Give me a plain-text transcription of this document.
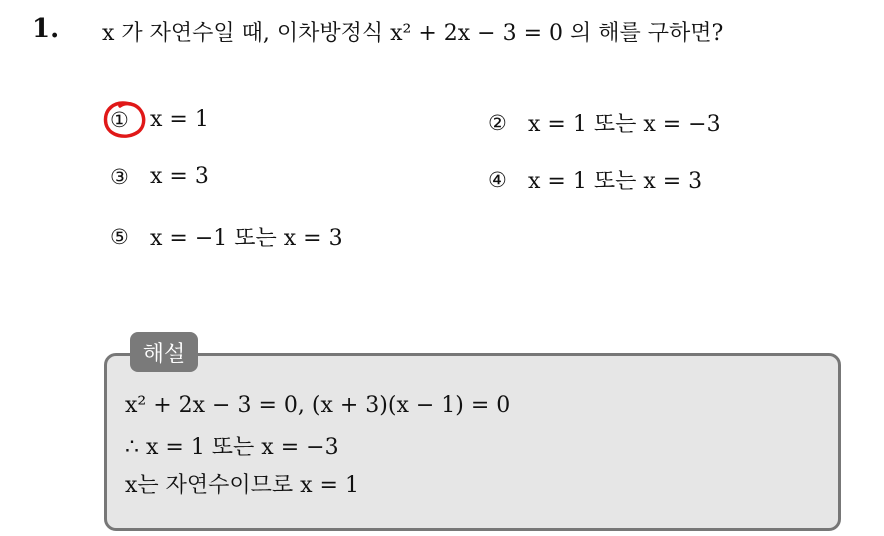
1. x 가 자연수일 때, 이차방정식 x² + 2x − 3 = 0 의 해를 구하면?
① x = 1	② x = 1 또는 x = −3
③ x = 3	④ x = 1 또는 x = 3
⑤ x = −1 또는 x = 3
해설
x² + 2x − 3 = 0, (x + 3)(x − 1) = 0
∴ x = 1 또는 x = −3
x는 자연수이므로 x = 1
